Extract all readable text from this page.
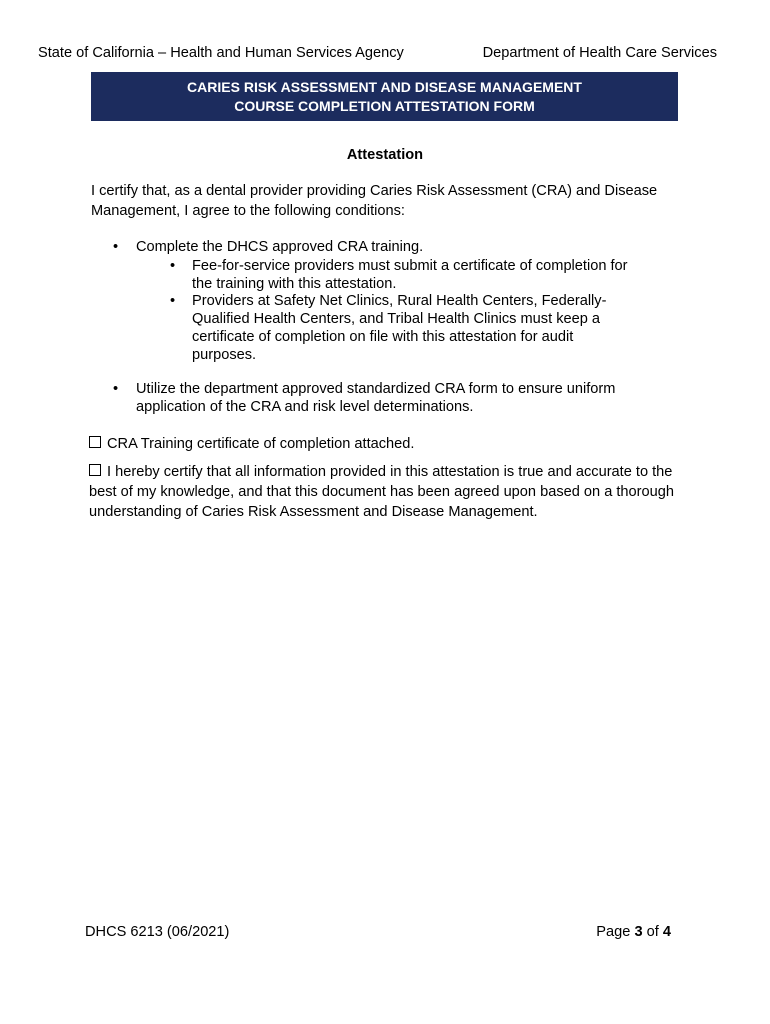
State of California – Health and Human Services Agency	Department of Health Care Services
CARIES RISK ASSESSMENT AND DISEASE MANAGEMENT
COURSE COMPLETION ATTESTATION FORM
Attestation
I certify that, as a dental provider providing Caries Risk Assessment (CRA) and Disease Management, I agree to the following conditions:
• Complete the DHCS approved CRA training.
• Fee-for-service providers must submit a certificate of completion for the training with this attestation.
• Providers at Safety Net Clinics, Rural Health Centers, Federally-Qualified Health Centers, and Tribal Health Clinics must keep a certificate of completion on file with this attestation for audit purposes.
• Utilize the department approved standardized CRA form to ensure uniform application of the CRA and risk level determinations.
CRA Training certificate of completion attached.
I hereby certify that all information provided in this attestation is true and accurate to the best of my knowledge, and that this document has been agreed upon based on a thorough understanding of Caries Risk Assessment and Disease Management.
DHCS 6213 (06/2021)	Page 3 of 4
